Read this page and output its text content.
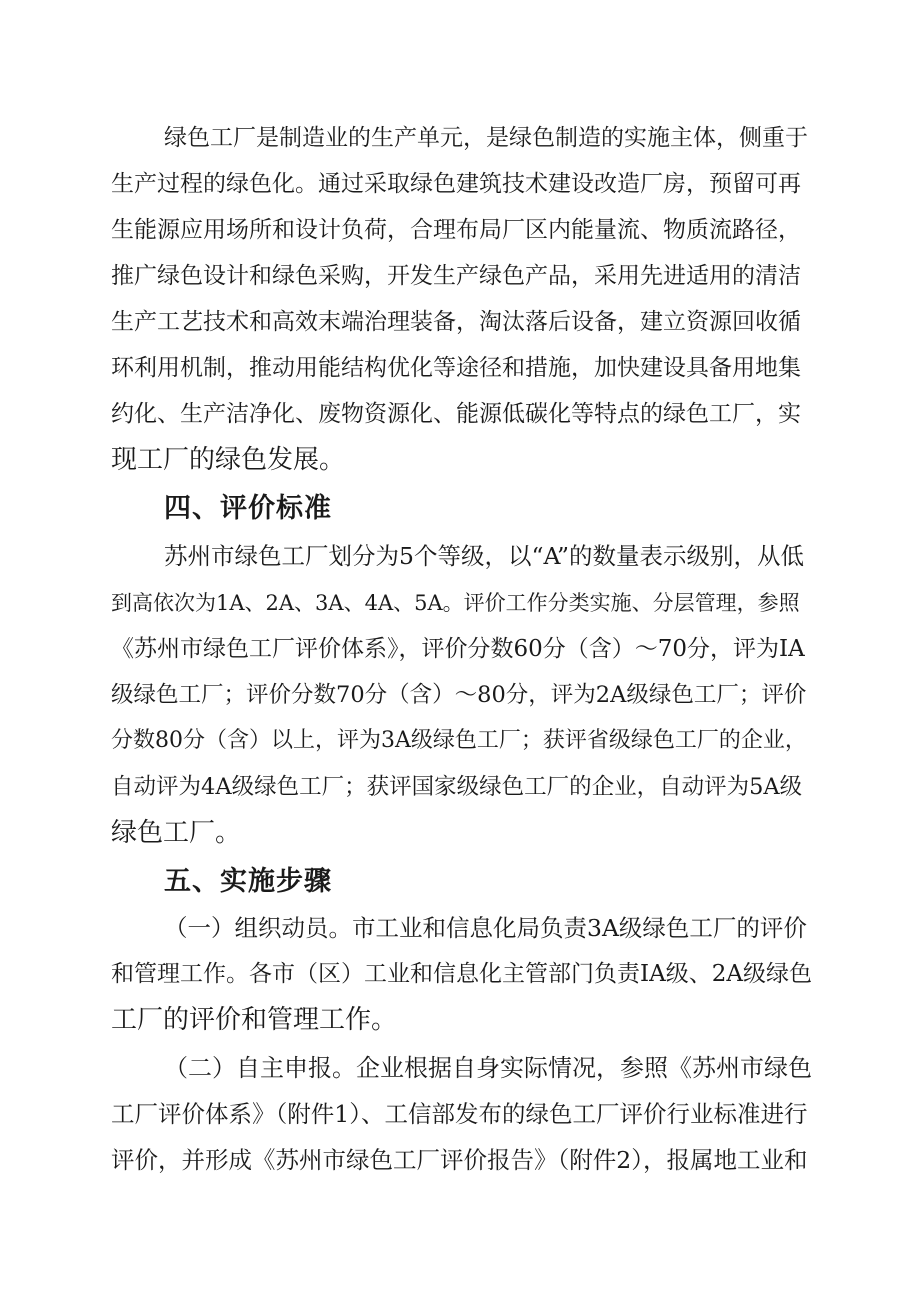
绿色工厂是制造业的生产单元，是绿色制造的实施主体，侧重于
生产过程的绿色化。通过采取绿色建筑技术建设改造厂房，预留可再
生能源应用场所和设计负荷，合理布局厂区内能量流、物质流路径，
推广绿色设计和绿色采购，开发生产绿色产品，采用先进适用的清洁
生产工艺技术和高效末端治理装备，淘汰落后设备，建立资源回收循
环利用机制，推动用能结构优化等途径和措施，加快建设具备用地集
约化、生产洁净化、废物资源化、能源低碳化等特点的绿色工厂，实
现工厂的绿色发展。
四、评价标准
苏州市绿色工厂划分为5个等级，以“A”的数量表示级别，从低
到高依次为1A、2A、3A、4A、5A。评价工作分类实施、分层管理，参照
《苏州市绿色工厂评价体系》，评价分数60分（含）～70分，评为IA
级绿色工厂；评价分数70分（含）～80分，评为2A级绿色工厂；评价
分数80分（含）以上，评为3A级绿色工厂；获评省级绿色工厂的企业，
自动评为4A级绿色工厂；获评国家级绿色工厂的企业，自动评为5A级
绿色工厂。
五、实施步骤
（一）组织动员。市工业和信息化局负责3A级绿色工厂的评价
和管理工作。各市（区）工业和信息化主管部门负责IA级、2A级绿色
工厂的评价和管理工作。
（二）自主申报。企业根据自身实际情况，参照《苏州市绿色
工厂评价体系》（附件1）、工信部发布的绿色工厂评价行业标准进行
评价，并形成《苏州市绿色工厂评价报告》（附件2），报属地工业和
